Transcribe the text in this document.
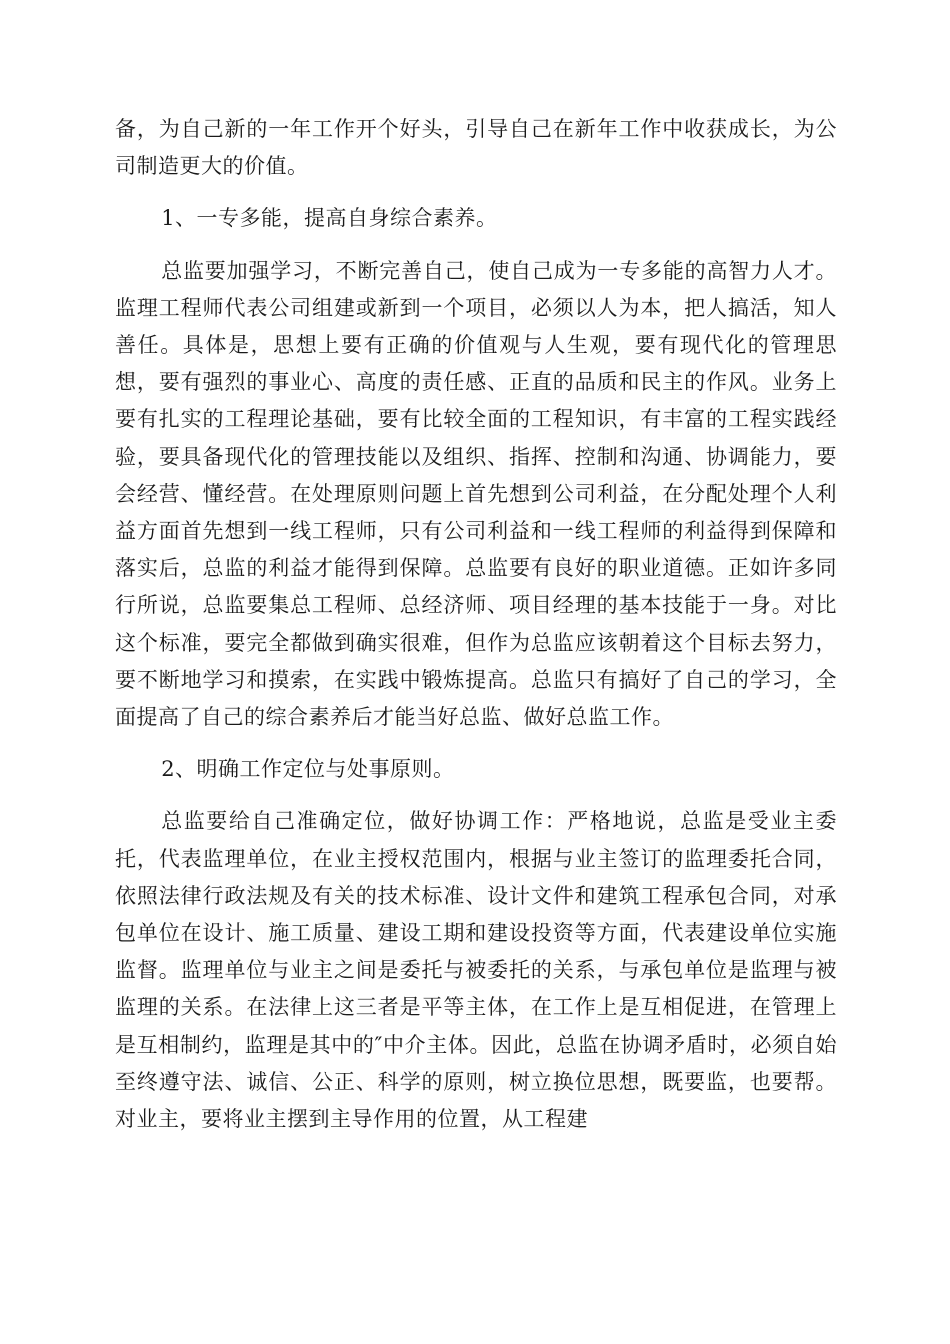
备，为自己新的一年工作开个好头，引导自己在新年工作中收获成长，为公司制造更大的价值。

1、一专多能，提高自身综合素养。

总监要加强学习，不断完善自己，使自己成为一专多能的高智力人才。监理工程师代表公司组建或新到一个项目，必须以人为本，把人搞活，知人善任。具体是，思想上要有正确的价值观与人生观，要有现代化的管理思想，要有强烈的事业心、高度的责任感、正直的品质和民主的作风。业务上要有扎实的工程理论基础，要有比较全面的工程知识，有丰富的工程实践经验，要具备现代化的管理技能以及组织、指挥、控制和沟通、协调能力，要会经营、懂经营。在处理原则问题上首先想到公司利益，在分配处理个人利益方面首先想到一线工程师，只有公司利益和一线工程师的利益得到保障和落实后，总监的利益才能得到保障。总监要有良好的职业道德。正如许多同行所说，总监要集总工程师、总经济师、项目经理的基本技能于一身。对比这个标准，要完全都做到确实很难，但作为总监应该朝着这个目标去努力，要不断地学习和摸索，在实践中锻炼提高。总监只有搞好了自己的学习，全面提高了自己的综合素养后才能当好总监、做好总监工作。

2、明确工作定位与处事原则。

总监要给自己准确定位，做好协调工作：严格地说，总监是受业主委托，代表监理单位，在业主授权范围内，根据与业主签订的监理委托合同，依照法律行政法规及有关的技术标准、设计文件和建筑工程承包合同，对承包单位在设计、施工质量、建设工期和建设投资等方面，代表建设单位实施监督。监理单位与业主之间是委托与被委托的关系，与承包单位是监理与被监理的关系。在法律上这三者是平等主体，在工作上是互相促进，在管理上是互相制约，监理是其中的″中介主体。因此，总监在协调矛盾时，必须自始至终遵守法、诚信、公正、科学的原则，树立换位思想，既要监，也要帮。对业主，要将业主摆到主导作用的位置，从工程建
